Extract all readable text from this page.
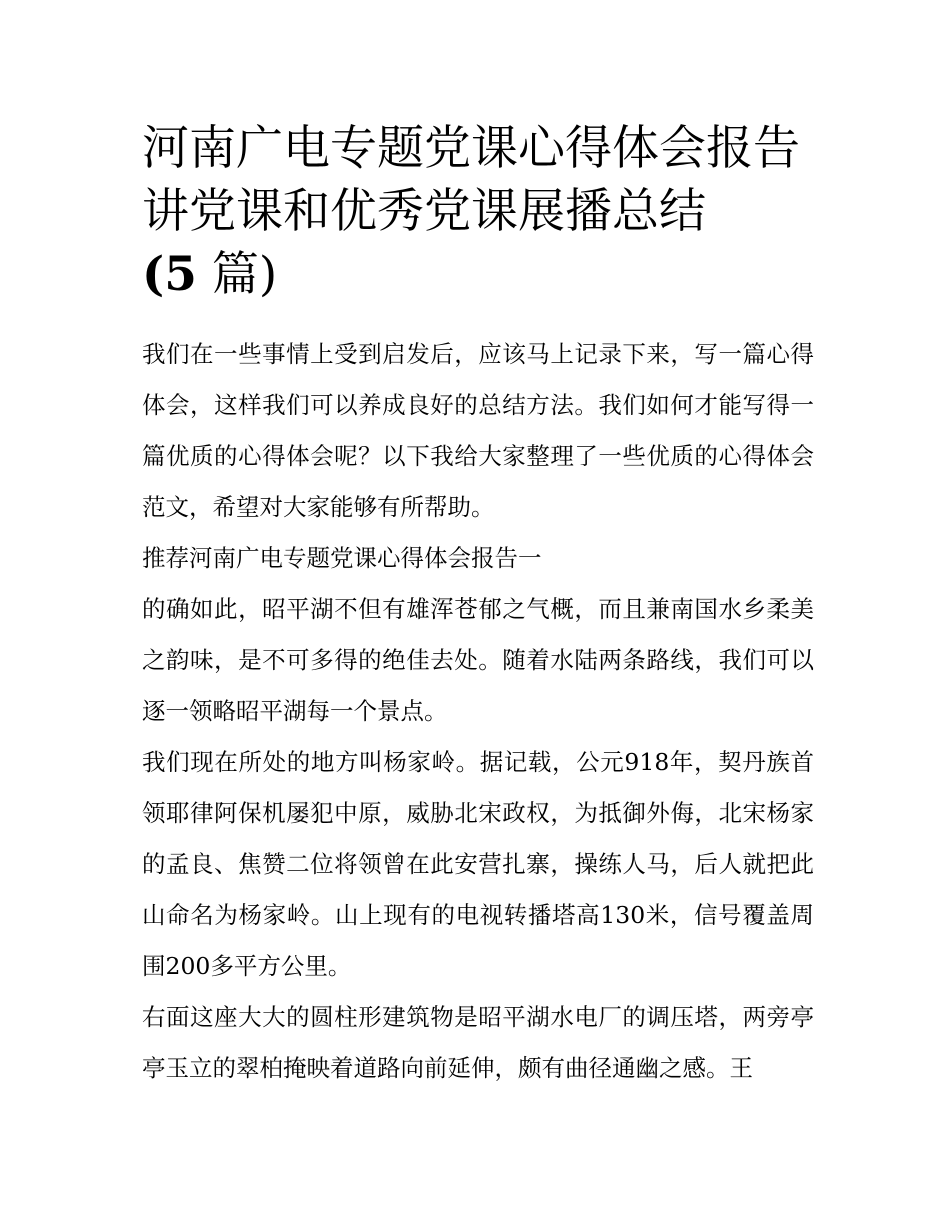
河南广电专题党课心得体会报告 讲党课和优秀党课展播总结
(5 篇)

我们在一些事情上受到启发后，应该马上记录下来，写一篇心得体会，这样我们可以养成良好的总结方法。我们如何才能写得一篇优质的心得体会呢？以下我给大家整理了一些优质的心得体会范文，希望对大家能够有所帮助。

推荐河南广电专题党课心得体会报告一

的确如此，昭平湖不但有雄浑苍郁之气概，而且兼南国水乡柔美之韵味，是不可多得的绝佳去处。随着水陆两条路线，我们可以逐一领略昭平湖每一个景点。

我们现在所处的地方叫杨家岭。据记载，公元918年，契丹族首领耶律阿保机屡犯中原，威胁北宋政权，为抵御外侮，北宋杨家的孟良、焦赞二位将领曾在此安营扎寨，操练人马，后人就把此山命名为杨家岭。山上现有的电视转播塔高130米，信号覆盖周围200多平方公里。

右面这座大大的圆柱形建筑物是昭平湖水电厂的调压塔，两旁亭亭玉立的翠柏掩映着道路向前延伸，颇有曲径通幽之感。王
